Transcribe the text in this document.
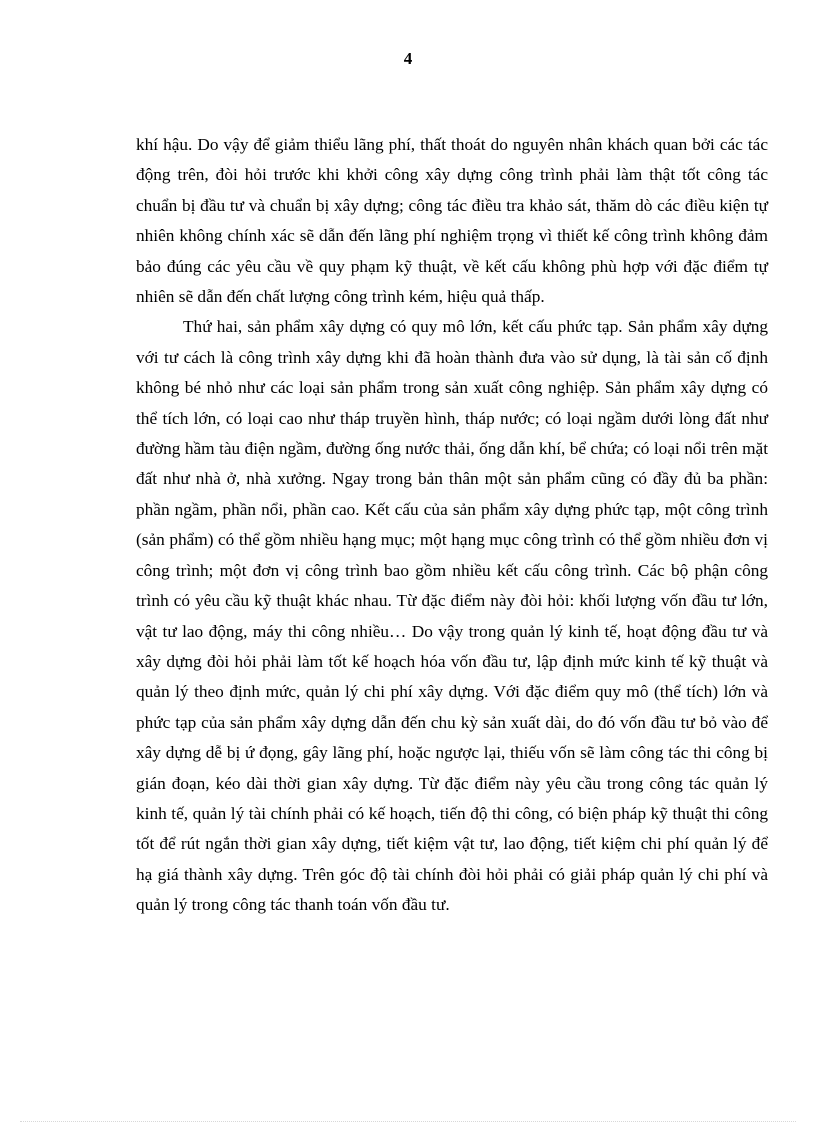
4

khí hậu. Do vậy để giảm thiểu lãng phí, thất thoát do nguyên nhân khách quan bởi các tác động trên, đòi hỏi trước khi khởi công xây dựng công trình phải làm thật tốt công tác chuẩn bị đầu tư và chuẩn bị xây dựng; công tác điều tra khảo sát, thăm dò các điều kiện tự nhiên không chính xác sẽ dẫn đến lãng phí nghiệm trọng vì thiết kế công trình không đảm bảo đúng các yêu cầu về quy phạm kỹ thuật, về kết cấu không phù hợp với đặc điểm tự nhiên sẽ dẫn đến chất lượng công trình kém, hiệu quả thấp.

Thứ hai, sản phẩm xây dựng có quy mô lớn, kết cấu phức tạp. Sản phẩm xây dựng với tư cách là công trình xây dựng khi đã hoàn thành đưa vào sử dụng, là tài sản cố định không bé nhỏ như các loại sản phẩm trong sản xuất công nghiệp. Sản phẩm xây dựng có thể tích lớn, có loại cao như tháp truyền hình, tháp nước; có loại ngầm dưới lòng đất như đường hầm tàu điện ngầm, đường ống nước thải, ống dẫn khí, bể chứa; có loại nổi trên mặt đất như nhà ở, nhà xưởng. Ngay trong bản thân một sản phẩm cũng có đầy đủ ba phần: phần ngầm, phần nổi, phần cao. Kết cấu của sản phẩm xây dựng phức tạp, một công trình (sản phẩm) có thể gồm nhiều hạng mục; một hạng mục công trình có thể gồm nhiều đơn vị công trình; một đơn vị công trình bao gồm nhiều kết cấu công trình. Các bộ phận công trình có yêu cầu kỹ thuật khác nhau. Từ đặc điểm này đòi hỏi: khối lượng vốn đầu tư lớn, vật tư lao động, máy thi công nhiều… Do vậy trong quản lý kinh tế, hoạt động đầu tư và xây dựng đòi hỏi phải làm tốt kế hoạch hóa vốn đầu tư, lập định mức kinh tế kỹ thuật và quản lý theo định mức, quản lý chi phí xây dựng. Với đặc điểm quy mô (thể tích) lớn và phức tạp của sản phẩm xây dựng dẫn đến chu kỳ sản xuất dài, do đó vốn đầu tư bỏ vào để xây dựng dễ bị ứ đọng, gây lãng phí, hoặc ngược lại, thiếu vốn sẽ làm công tác thi công bị gián đoạn, kéo dài thời gian xây dựng. Từ đặc điểm này yêu cầu trong công tác quản lý kinh tế, quản lý tài chính phải có kế hoạch, tiến độ thi công, có biện pháp kỹ thuật thi công tốt để rút ngắn thời gian xây dựng, tiết kiệm vật tư, lao động, tiết kiệm chi phí quản lý để hạ giá thành xây dựng. Trên góc độ tài chính đòi hỏi phải có giải pháp quản lý chi phí và quản lý trong công tác thanh toán vốn đầu tư.
